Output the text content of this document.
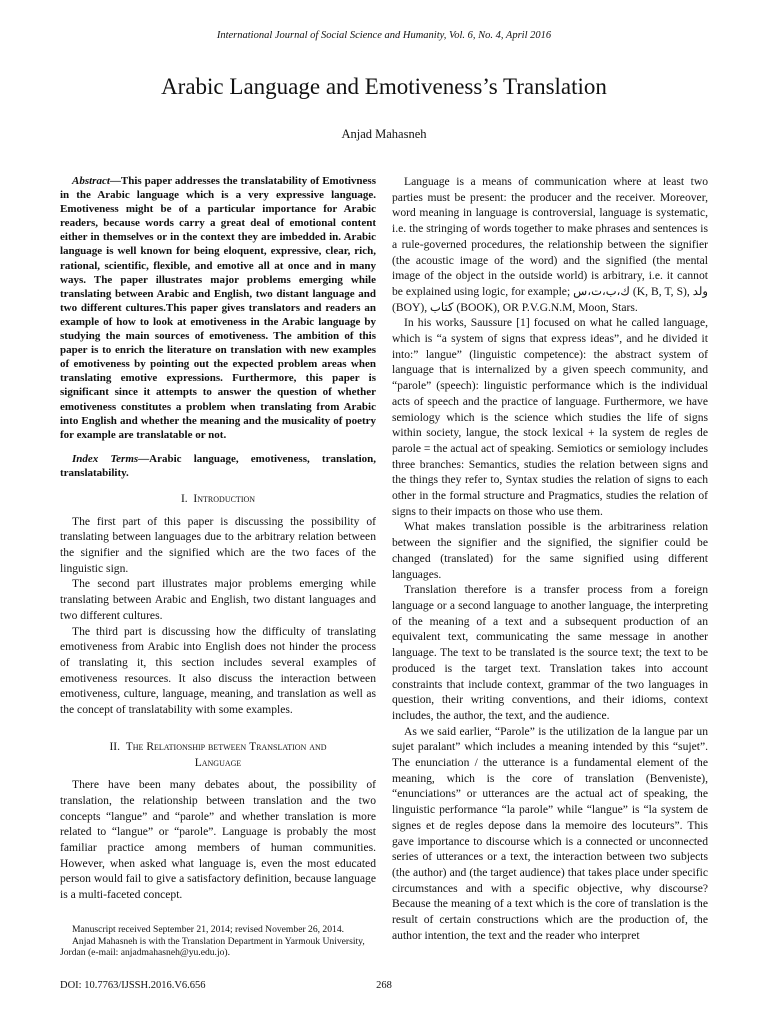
International Journal of Social Science and Humanity, Vol. 6, No. 4, April 2016
Arabic Language and Emotiveness’s Translation
Anjad Mahasneh

Abstract—This paper addresses the translatability of Emotivness in the Arabic language which is a very expressive language. Emotiveness might be of a particular importance for Arabic readers, because words carry a great deal of emotional content either in themselves or in the context they are imbedded in. Arabic language is well known for being eloquent, expressive, clear, rich, rational, scientific, flexible, and emotive all at once and in many ways. The paper illustrates major problems emerging while translating between Arabic and English, two distant language and two different cultures.This paper gives translators and readers an example of how to look at emotiveness in the Arabic language by studying the main sources of emotiveness. The ambition of this paper is to enrich the literature on translation with new examples of emotiveness by pointing out the expected problem areas when translating emotive expressions. Furthermore, this paper is significant since it attempts to answer the question of whether emotiveness constitutes a problem when translating from Arabic into English and whether the meaning and the musicality of poetry for example are translatable or not.

Index Terms—Arabic language, emotiveness, translation, translatability.

I. Introduction

The first part of this paper is discussing the possibility of translating between languages due to the arbitrary relation between the signifier and the signified which are the two faces of the linguistic sign.

The second part illustrates major problems emerging while translating between Arabic and English, two distant languages and two different cultures.

The third part is discussing how the difficulty of translating emotiveness from Arabic into English does not hinder the process of translating it, this section includes several examples of emotiveness resources. It also discuss the interaction between emotiveness, culture, language, meaning, and translation as well as the concept of translatability with some examples.

II. The Relationship between Translation and
Language

There have been many debates about, the possibility of translation, the relationship between translation and the two concepts “langue” and “parole” and whether translation is more related to “langue” or “parole”. Language is probably the most familiar practice among members of human communities. However, when asked what language is, even the most educated person would fail to give a satisfactory definition, because language is a multi-faceted concept.

Manuscript received September 21, 2014; revised November 26, 2014.

Anjad Mahasneh is with the Translation Department in Yarmouk University, Jordan (e-mail: anjadmahasneh@yu.edu.jo).

Language is a means of communication where at least two parties must be present: the producer and the receiver. Moreover, word meaning in language is controversial, language is systematic, i.e. the stringing of words together to make phrases and sentences is a rule-governed procedures, the relationship between the signifier (the acoustic image of the word) and the signified (the mental image of the object in the outside world) is arbitrary, i.e. it cannot be explained using logic, for example; ك،ب،ت،س (K, B, T, S), ولد (BOY), كتاب (BOOK), OR P.V.G.N.M, Moon, Stars.

In his works, Saussure [1] focused on what he called language, which is “a system of signs that express ideas”, and he divided it into:” langue” (linguistic competence): the abstract system of language that is internalized by a given speech community, and “parole” (speech): linguistic performance which is the individual acts of speech and the practice of language. Furthermore, we have semiology which is the science which studies the life of signs within society, langue, the stock lexical + la system de regles de parole = the actual act of speaking. Semiotics or semiology includes three branches: Semantics, studies the relation between signs and the things they refer to, Syntax studies the relation of signs to each other in the formal structure and Pragmatics, studies the relation of signs to their impacts on those who use them.

What makes translation possible is the arbitrariness relation between the signifier and the signified, the signifier could be changed (translated) for the same signified using different languages.

Translation therefore is a transfer process from a foreign language or a second language to another language, the interpreting of the meaning of a text and a subsequent production of an equivalent text, communicating the same message in another language. The text to be translated is the source text; the text to be produced is the target text. Translation takes into account constraints that include context, grammar of the two languages in question, their writing conventions, and their idioms, context includes, the author, the text, and the audience.

As we said earlier, “Parole” is the utilization de la langue par un sujet paralant” which includes a meaning intended by this “sujet”. The enunciation / the utterance is a fundamental element of the meaning, which is the core of translation (Benveniste), “enunciations” or utterances are the actual act of speaking, the linguistic performance “la parole” while “langue” is “la system de signes et de regles depose dans la memoire des locuteurs”. This gave importance to discourse which is a connected or unconnected series of utterances or a text, the interaction between two subjects (the author) and (the target audience) that takes place under specific circumstances and with a specific objective, why discourse? Because the meaning of a text which is the core of translation is the result of certain constructions which are the production of, the author intention, the text and the reader who interpret

DOI: 10.7763/IJSSH.2016.V6.656	268
